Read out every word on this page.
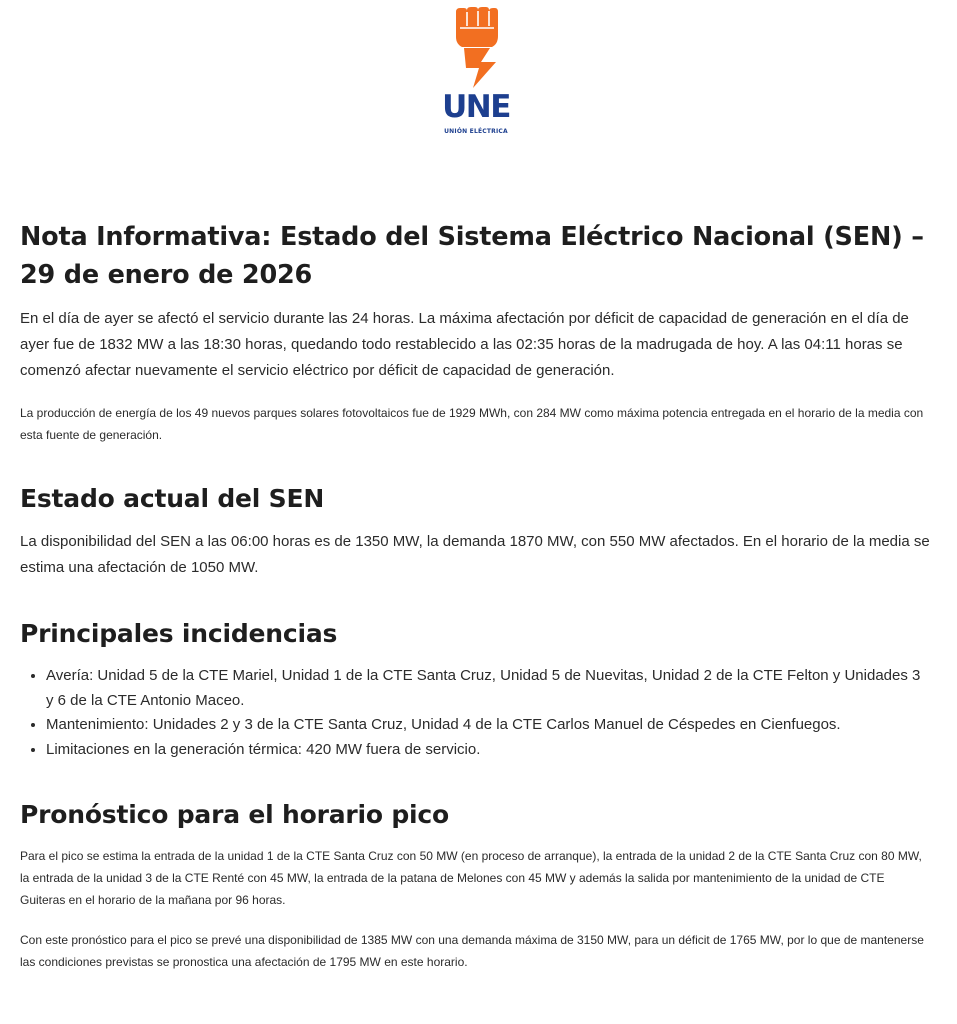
UNE
UNIÓN ELÉCTRICA
Nota Informativa: Estado del Sistema Eléctrico Nacional (SEN) – 29 de enero de 2026

En el día de ayer se afectó el servicio durante las 24 horas. La máxima afectación por déficit de capacidad de generación en el día de ayer fue de 1832 MW a las 18:30 horas, quedando todo restablecido a las 02:35 horas de la madrugada de hoy. A las 04:11 horas se comenzó afectar nuevamente el servicio eléctrico por déficit de capacidad de generación.

La producción de energía de los 49 nuevos parques solares fotovoltaicos fue de 1929 MWh, con 284 MW como máxima potencia entregada en el horario de la media con esta fuente de generación.

Estado actual del SEN

La disponibilidad del SEN a las 06:00 horas es de 1350 MW, la demanda 1870 MW, con 550 MW afectados. En el horario de la media se estima una afectación de 1050 MW.

Principales incidencias
• Avería: Unidad 5 de la CTE Mariel, Unidad 1 de la CTE Santa Cruz, Unidad 5 de Nuevitas, Unidad 2 de la CTE Felton y Unidades 3 y 6 de la CTE Antonio Maceo.
• Mantenimiento: Unidades 2 y 3 de la CTE Santa Cruz, Unidad 4 de la CTE Carlos Manuel de Céspedes en Cienfuegos.
• Limitaciones en la generación térmica: 420 MW fuera de servicio.
Pronóstico para el horario pico

Para el pico se estima la entrada de la unidad 1 de la CTE Santa Cruz con 50 MW (en proceso de arranque), la entrada de la unidad 2 de la CTE Santa Cruz con 80 MW, la entrada de la unidad 3 de la CTE Renté con 45 MW, la entrada de la patana de Melones con 45 MW y además la salida por mantenimiento de la unidad de CTE Guiteras en el horario de la mañana por 96 horas.

Con este pronóstico para el pico se prevé una disponibilidad de 1385 MW con una demanda máxima de 3150 MW, para un déficit de 1765 MW, por lo que de mantenerse las condiciones previstas se pronostica una afectación de 1795 MW en este horario.
